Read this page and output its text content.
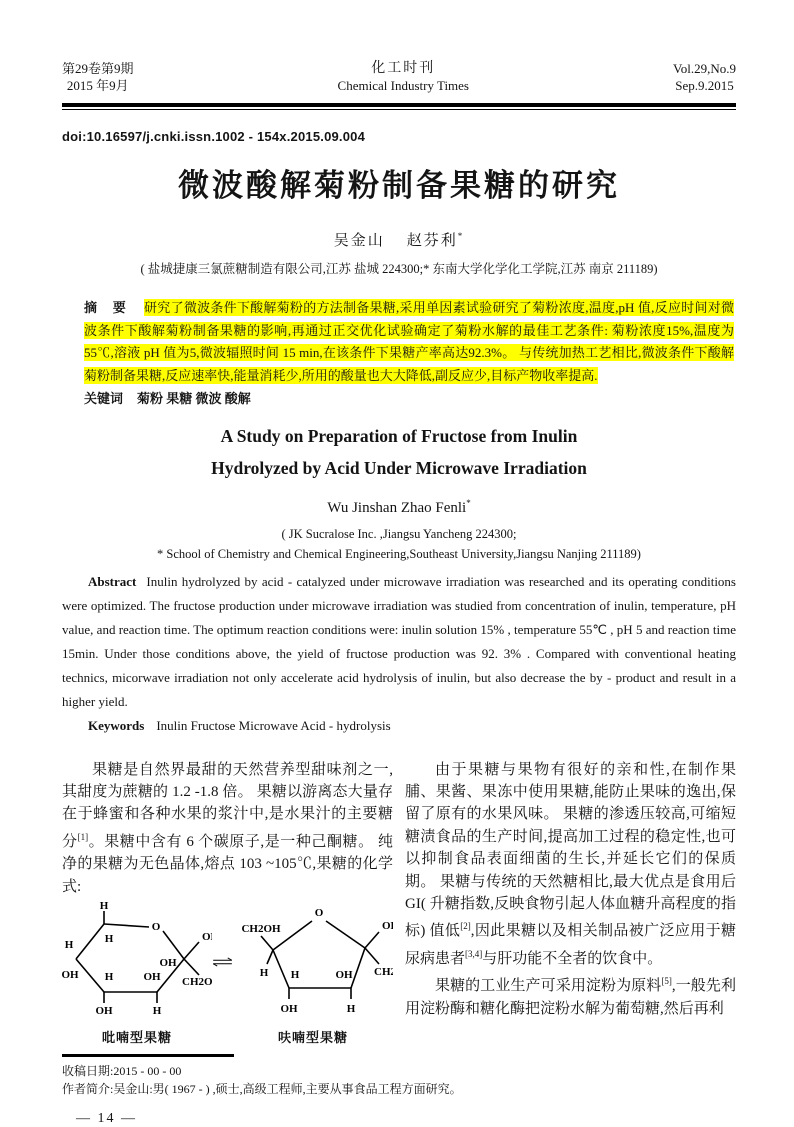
第29卷第9期
2015 年9月
化工时刊
Chemical Industry Times
Vol.29,No.9
Sep.9.2015
doi:10.16597/j.cnki.issn.1002 - 154x.2015.09.004
微波酸解菊粉制备果糖的研究
吴金山 赵芬利*
( 盐城捷康三氯蔗糖制造有限公司,江苏 盐城 224300;* 东南大学化学化工学院,江苏 南京 211189)
摘 要 研究了微波条件下酸解菊粉的方法制备果糖,采用单因素试验研究了菊粉浓度,温度,pH 值,反应时间对微波条件下酸解菊粉制备果糖的影响,再通过正交优化试验确定了菊粉水解的最佳工艺条件: 菊粉浓度15%,温度为55℃,溶液 pH 值为5,微波辐照时间 15 min,在该条件下果糖产率高达92.3%。 与传统加热工艺相比,微波条件下酸解菊粉制备果糖,反应速率快,能量消耗少,所用的酸量也大大降低,副反应少,目标产物收率提高.
关键词 菊粉 果糖 微波 酸解
A Study on Preparation of Fructose from Inulin
Hydrolyzed by Acid Under Microwave Irradiation
Wu Jinshan Zhao Fenli*
( JK Sucralose Inc. ,Jiangsu Yancheng 224300;
* School of Chemistry and Chemical Engineering,Southeast University,Jiangsu Nanjing 211189)

Abstract Inulin hydrolyzed by acid - catalyzed under microwave irradiation was researched and its operating conditions were optimized. The fructose production under microwave irradiation was studied from concentration of inulin, temperature, pH value, and reaction time. The optimum reaction conditions were: inulin solution 15% , temperature 55℃ , pH 5 and reaction time 15min. Under those conditions above, the yield of fructose production was 92. 3% . Compared with conventional heating technics, micorwave irradiation not only accelerate acid hydrolysis of inulin, but also decrease the by - product and result in a higher yield.

Keywords Inulin Fructose Microwave Acid - hydrolysis

果糖是自然界最甜的天然营养型甜味剂之一,其甜度为蔗糖的 1.2 -1.8 倍。 果糖以游离态大量存在于蜂蜜和各种水果的浆汁中,是水果汁的主要糖分[1]。果糖中含有 6 个碳原子,是一种己酮糖。 纯净的果糖为无色晶体,熔点 103 ~105℃,果糖的化学式:

H
H
O
O
OH
CH2O
H
OH H
OH
OH
H
吡喃型果糖
O
CH2OH
H H
OH
OH
H
O
CH
呋喃型果糖

由于果糖与果物有很好的亲和性,在制作果脯、果酱、果冻中使用果糖,能防止果味的逸出,保留了原有的水果风味。 果糖的渗透压较高,可缩短糖渍食品的生产时间,提高加工过程的稳定性,也可以抑制食品表面细菌的生长,并延长它们的保质期。 果糖与传统的天然糖相比,最大优点是食用后 GI( 升糖指数,反映食物引起人体血糖升高程度的指标) 值低[2],因此果糖以及相关制品被广泛应用于糖尿病患者[3,4]与肝功能不全者的饮食中。

果糖的工业生产可采用淀粉为原料[5],一般先利用淀粉酶和糖化酶把淀粉水解为葡萄糖,然后再利

收稿日期:2015 - 00 - 00
作者简介:吴金山:男( 1967 - ) ,硕士,高级工程师,主要从事食品工程方面研究。
— 14 —
